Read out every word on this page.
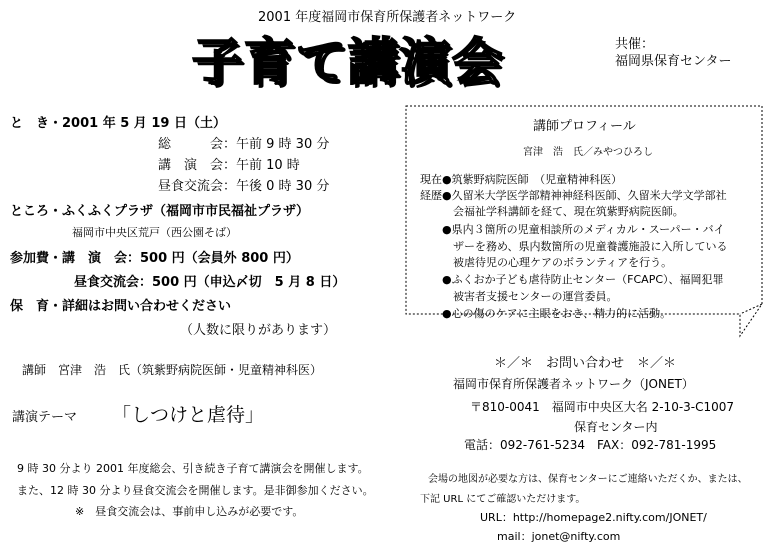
2001 年度福岡市保育所保護者ネットワーク
子育て講演会	共催：
福岡県保育センター
と　き・2001 年 5 月 19 日（土）
総　　　会：午前 9 時 30 分
講　演　会：午前 10 時
昼食交流会：午後 0 時 30 分
ところ・ふくふくプラザ（福岡市市民福祉プラザ）
福岡市中央区荒戸（西公園そば）
参加費・講　演　会：500 円（会員外 800 円）
昼食交流会：500 円（申込〆切　5 月 8 日）
保　育・詳細はお問い合わせください
（人数に限りがあります）
講師　宮津　浩　氏（筑紫野病院医師・児童精神科医）
講演テーマ 「しつけと虐待」
9 時 30 分より 2001 年度総会、引き続き子育て講演会を開催します。
また、12 時 30 分より昼食交流会を開催します。是非御参加ください。
※　昼食交流会は、事前申し込みが必要です。
講師プロフィール
宮津　浩　氏／みやつひろし
現在●筑紫野病院医師　（児童精神科医）
経歴●久留米大学医学部精神神経科医師、久留米大学文学部社
　　　会福祉学科講師を経て、現在筑紫野病院医師。
　　●県内３箇所の児童相談所のメディカル・スーパー・バイ
　　　ザーを務め、県内数箇所の児童養護施設に入所している
　　　被虐待児の心理ケアのボランティアを行う。
　　●ふくおか子ども虐待防止センター（FCAPC）、福岡犯罪
　　　被害者支援センターの運営委員。
　　●心の傷のケアに主眼をおき、精力的に活動。
＊／＊　お問い合わせ　＊／＊
福岡市保育所保護者ネットワーク（JONET）
〒810-0041　福岡市中央区大名 2-10-3-C1007
保育センター内
電話：092-761-5234　FAX：092-781-1995
会場の地図が必要な方は、保育センターにご連絡いただくか、または、
下記 URL にてご確認いただけます。
URL：http://homepage2.nifty.com/JONET/
mail：jonet@nifty.com
